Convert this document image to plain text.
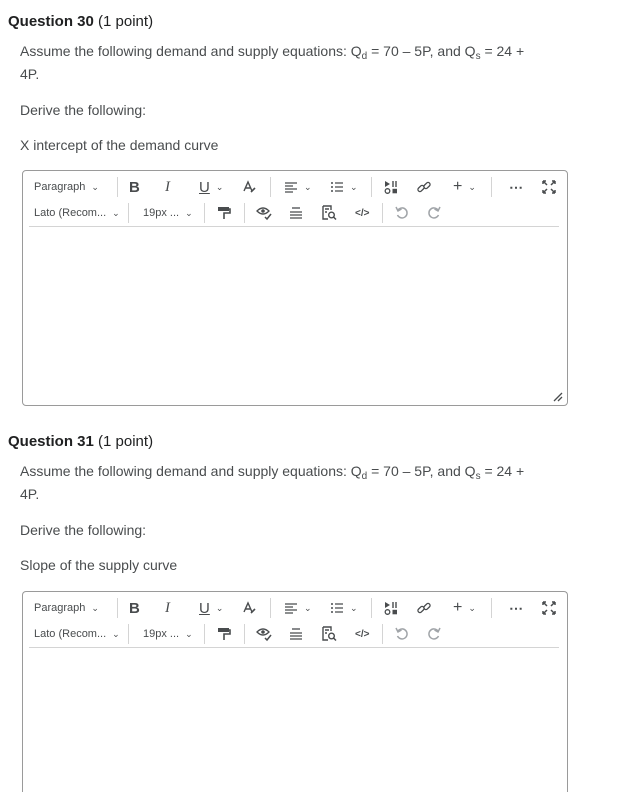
Question 30 (1 point)
Assume the following demand and supply equations: $Q_d = 70 - 5P$, and $Q_s = 24$ +
4P.
Derive the following:
X intercept of the demand curve
Paragraph ⌄ B I U ⌄	⌄	⌄	+ ⌄ ⋯
Lato (Recom... ⌄ 19px ... ⌄	</>
Question 31 (1 point)
Assume the following demand and supply equations: $Q_d = 70 - 5P$, and $Q_s = 24$ +
4P.
Derive the following:
Slope of the supply curve
Paragraph ⌄ B I U ⌄	⌄	⌄	+ ⌄ ⋯
Lato (Recom... ⌄ 19px ... ⌄	</>
